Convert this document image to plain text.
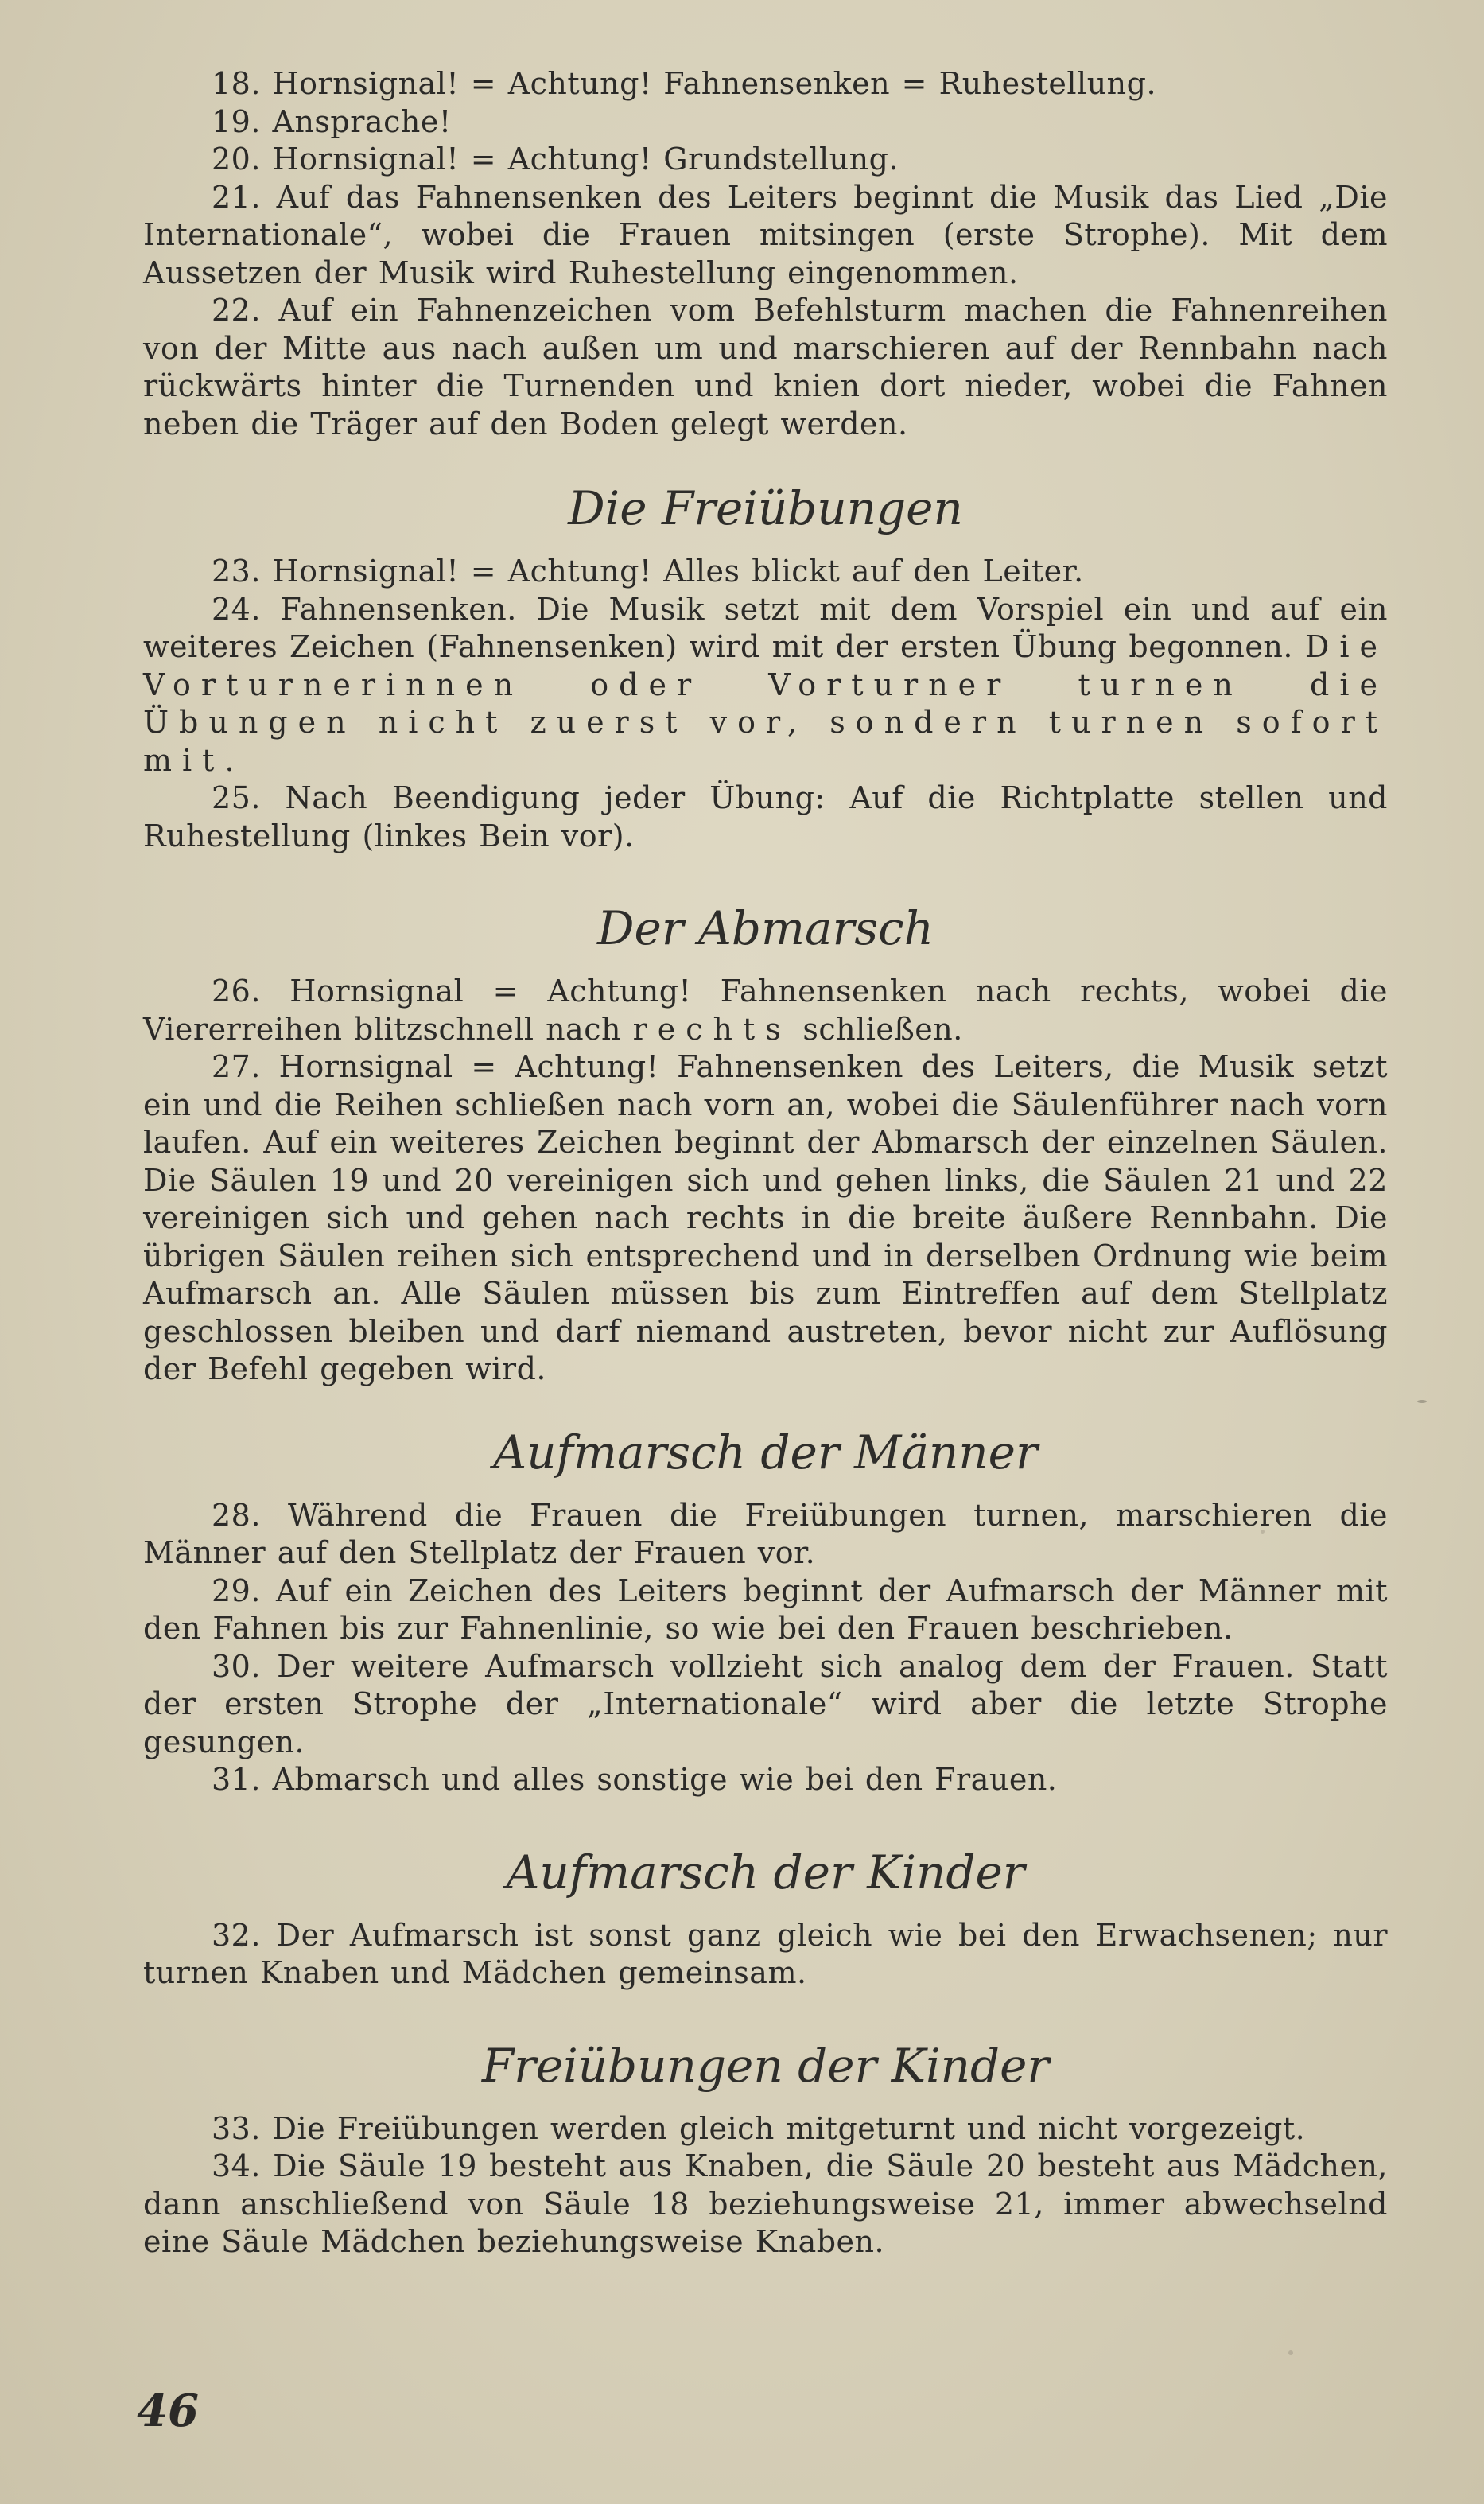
18. Hornsignal! = Achtung! Fahnensenken = Ruhestellung.

19. Ansprache!

20. Hornsignal! = Achtung! Grundstellung.

21. Auf das Fahnensenken des Leiters beginnt die Musik das Lied „Die Internationale“, wobei die Frauen mitsingen (erste Strophe). Mit dem Aussetzen der Musik wird Ruhestellung eingenommen.

22. Auf ein Fahnenzeichen vom Befehlsturm machen die Fahnenreihen von der Mitte aus nach außen um und marschieren auf der Rennbahn nach rückwärts hinter die Turnenden und knien dort nieder, wobei die Fahnen neben die Träger auf den Boden gelegt werden.

Die Freiübungen

23. Hornsignal! = Achtung! Alles blickt auf den Leiter.

24. Fahnensenken. Die Musik setzt mit dem Vorspiel ein und auf ein weiteres Zeichen (Fahnensenken) wird mit der ersten Übung begonnen. Die Vorturnerinnen oder Vorturner turnen die Übungen nicht zuerst vor, sondern turnen sofort mit.

25. Nach Beendigung jeder Übung: Auf die Richtplatte stellen und Ruhestellung (linkes Bein vor).

Der Abmarsch

26. Hornsignal = Achtung! Fahnensenken nach rechts, wobei die Viererreihen blitzschnell nach rechts schließen.

27. Hornsignal = Achtung! Fahnensenken des Leiters, die Musik setzt ein und die Reihen schließen nach vorn an, wobei die Säulenführer nach vorn laufen. Auf ein weiteres Zeichen beginnt der Abmarsch der einzelnen Säulen. Die Säulen 19 und 20 vereinigen sich und gehen links, die Säulen 21 und 22 vereinigen sich und gehen nach rechts in die breite äußere Rennbahn. Die übrigen Säulen reihen sich entsprechend und in derselben Ordnung wie beim Aufmarsch an. Alle Säulen müssen bis zum Eintreffen auf dem Stellplatz geschlossen bleiben und darf niemand austreten, bevor nicht zur Auflösung der Befehl gegeben wird.

Aufmarsch der Männer

28. Während die Frauen die Freiübungen turnen, marschieren die Männer auf den Stellplatz der Frauen vor.

29. Auf ein Zeichen des Leiters beginnt der Aufmarsch der Männer mit den Fahnen bis zur Fahnenlinie, so wie bei den Frauen beschrieben.

30. Der weitere Aufmarsch vollzieht sich analog dem der Frauen. Statt der ersten Strophe der „Internationale“ wird aber die letzte Strophe gesungen.

31. Abmarsch und alles sonstige wie bei den Frauen.

Aufmarsch der Kinder

32. Der Aufmarsch ist sonst ganz gleich wie bei den Erwachsenen; nur turnen Knaben und Mädchen gemeinsam.

Freiübungen der Kinder

33. Die Freiübungen werden gleich mitgeturnt und nicht vorgezeigt.

34. Die Säule 19 besteht aus Knaben, die Säule 20 besteht aus Mädchen, dann anschließend von Säule 18 beziehungsweise 21, immer abwechselnd eine Säule Mädchen beziehungsweise Knaben.

46
